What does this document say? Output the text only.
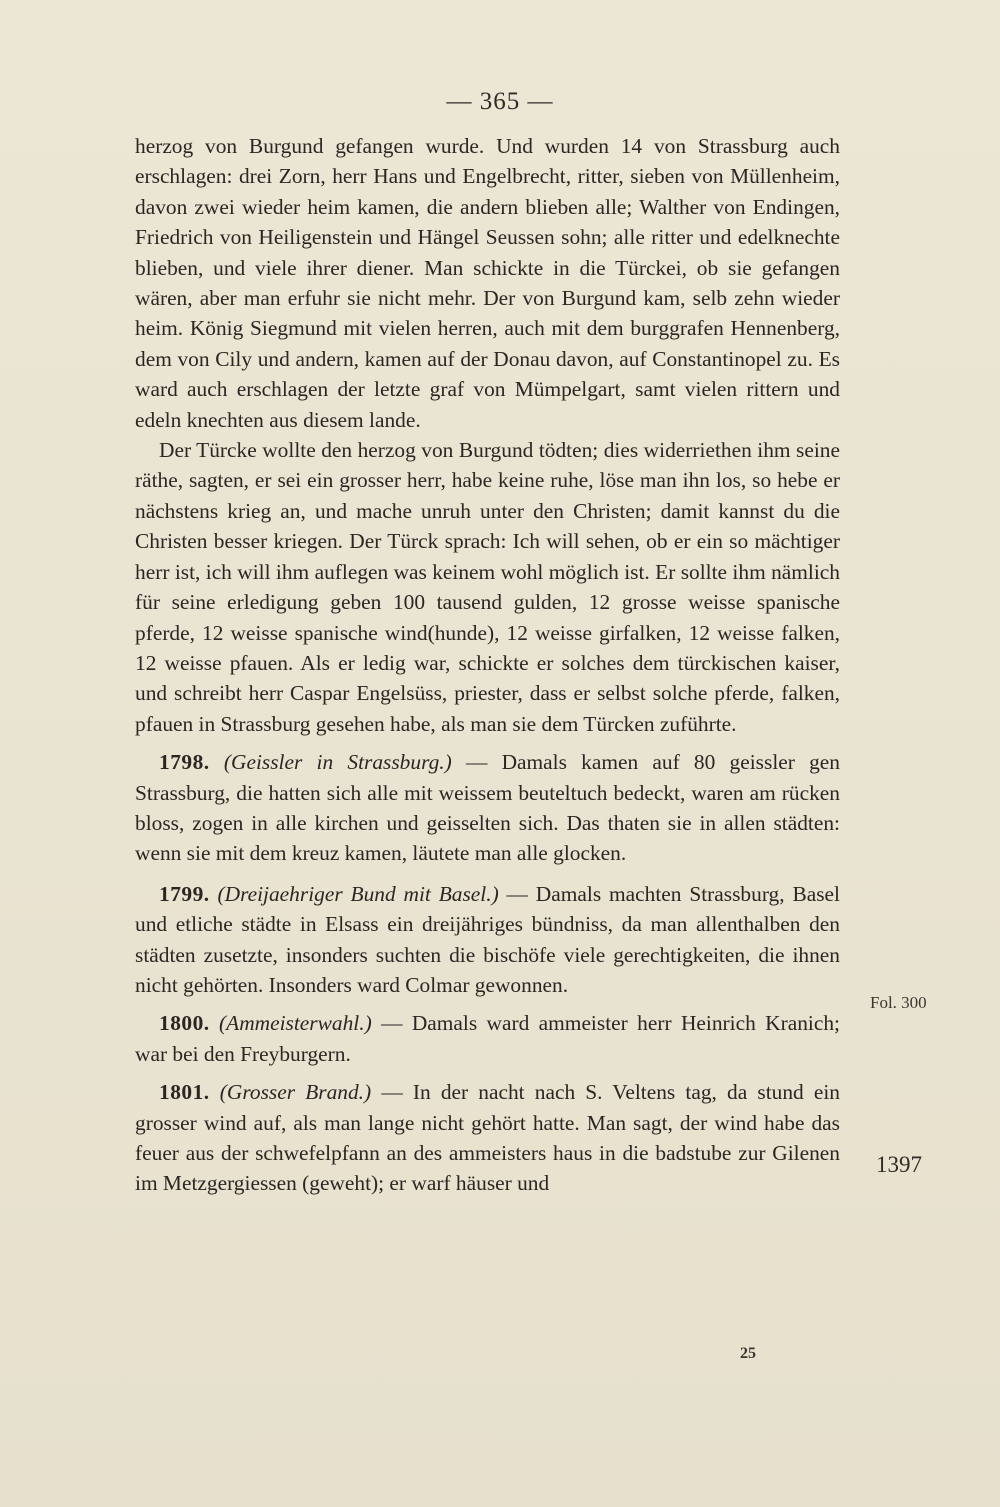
— 365 —

herzog von Burgund gefangen wurde. Und wurden 14 von Strassburg auch erschlagen: drei Zorn, herr Hans und Engelbrecht, ritter, sieben von Müllenheim, davon zwei wieder heim kamen, die andern blieben alle; Walther von Endingen, Friedrich von Heiligenstein und Hängel Seussen sohn; alle ritter und edelknechte blieben, und viele ihrer diener. Man schickte in die Türckei, ob sie gefangen wären, aber man erfuhr sie nicht mehr. Der von Burgund kam, selb zehn wieder heim. König Siegmund mit vielen herren, auch mit dem burggrafen Hennenberg, dem von Cily und andern, kamen auf der Donau davon, auf Constantinopel zu. Es ward auch erschlagen der letzte graf von Mümpelgart, samt vielen rittern und edeln knechten aus diesem lande.

Der Türcke wollte den herzog von Burgund tödten; dies widerriethen ihm seine räthe, sagten, er sei ein grosser herr, habe keine ruhe, löse man ihn los, so hebe er nächstens krieg an, und mache unruh unter den Christen; damit kannst du die Christen besser kriegen. Der Türck sprach: Ich will sehen, ob er ein so mächtiger herr ist, ich will ihm auflegen was keinem wohl möglich ist. Er sollte ihm nämlich für seine erledigung geben 100 tausend gulden, 12 grosse weisse spanische pferde, 12 weisse spanische wind(hunde), 12 weisse girfalken, 12 weisse falken, 12 weisse pfauen. Als er ledig war, schickte er solches dem türckischen kaiser, und schreibt herr Caspar Engelsüss, priester, dass er selbst solche pferde, falken, pfauen in Strassburg gesehen habe, als man sie dem Türcken zuführte.

1798. (Geissler in Strassburg.) — Damals kamen auf 80 geissler gen Strassburg, die hatten sich alle mit weissem beuteltuch bedeckt, waren am rücken bloss, zogen in alle kirchen und geisselten sich. Das thaten sie in allen städten: wenn sie mit dem kreuz kamen, läutete man alle glocken.

1799. (Dreijaehriger Bund mit Basel.) — Damals machten Strassburg, Basel und etliche städte in Elsass ein dreijähriges bündniss, da man allenthalben den städten zusetzte, insonders suchten die bischöfe viele gerechtigkeiten, die ihnen nicht gehörten. Insonders ward Colmar gewonnen.

1800. (Ammeisterwahl.) — Damals ward ammeister herr Heinrich Kranich; war bei den Freyburgern.

1801. (Grosser Brand.) — In der nacht nach S. Veltens tag, da stund ein grosser wind auf, als man lange nicht gehört hatte. Man sagt, der wind habe das feuer aus der schwefelpfann an des ammeisters haus in die badstube zur Gilenen im Metzgergiessen (geweht); er warf häuser und

Fol. 300
1397
25
